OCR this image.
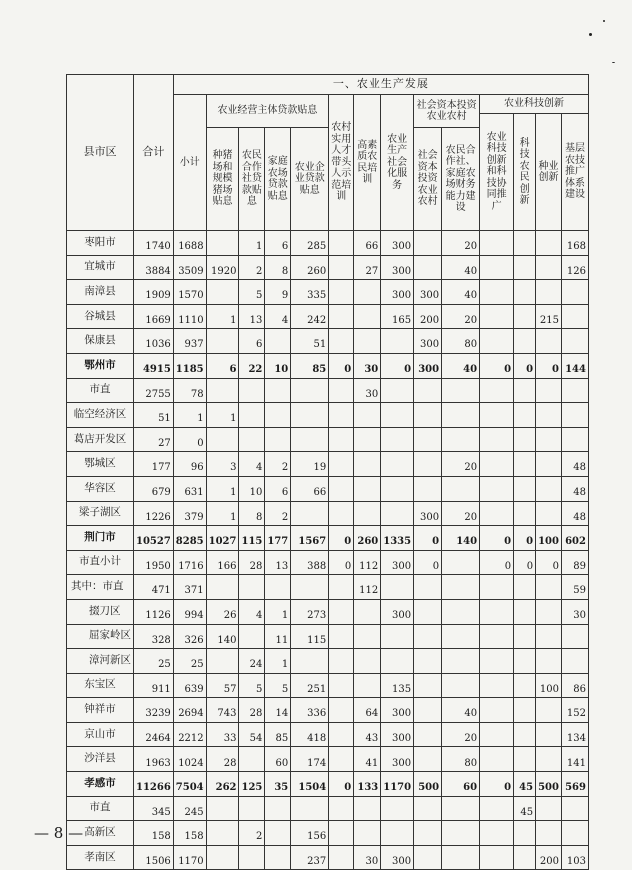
县市区	合计	一、农业生产发展													
		小计	农业经营主体贷款贴息				农村实用人才带头人示范培训	高素质农民培训	农业生产社会化服务	社会资本投资农业农村		农业科技创新			
												农业科技创新和科技协同推广	科技农民创新	种业创新	基层农技推广体系建设
			种猪场和规模猪场贴息	农民合作社贷款贴息	家庭农场贷款贴息	农业企业贷款贴息				社会资本投资农业农村	农民合作社、家庭农场财务能力建设				
枣阳市	1740	1688		1	6	285		66	300		20				168
宜城市	3884	3509	1920	2	8	260		27	300		40				126
南漳县	1909	1570		5	9	335			300	300	40				
谷城县	1669	1110	1	13	4	242			165	200	20			215	
保康县	1036	937		6		51				300	80				
鄂州市	4915	1185	6	22	10	85	0	30	0	300	40	0	0	0	144
市直	2755	78						30							
临空经济区	51	1	1												
葛店开发区	27	0													
鄂城区	177	96	3	4	2	19					20				48
华容区	679	631	1	10	6	66									48
梁子湖区	1226	379	1	8	2					300	20				48
荆门市	10527	8285	1027	115	177	1567	0	260	1335	0	140	0	0	100	602
市直小计	1950	1716	166	28	13	388	0	112	300	0		0	0	0	89
其中：市直	471	371						112							59
掇刀区	1126	994	26	4	1	273			300						30
屈家岭区	328	326	140		11	115									
漳河新区	25	25		24	1										
东宝区	911	639	57	5	5	251			135					100	86
钟祥市	3239	2694	743	28	14	336		64	300		40				152
京山市	2464	2212	33	54	85	418		43	300		20				134
沙洋县	1963	1024	28		60	174		41	300		80				141
孝感市	11266	7504	262	125	35	1504	0	133	1170	500	60	0	45	500	569
市直	345	245											45		
高新区	158	158		2		156									
孝南区	1506	1170				237		30	300					200	103
— 8 —
